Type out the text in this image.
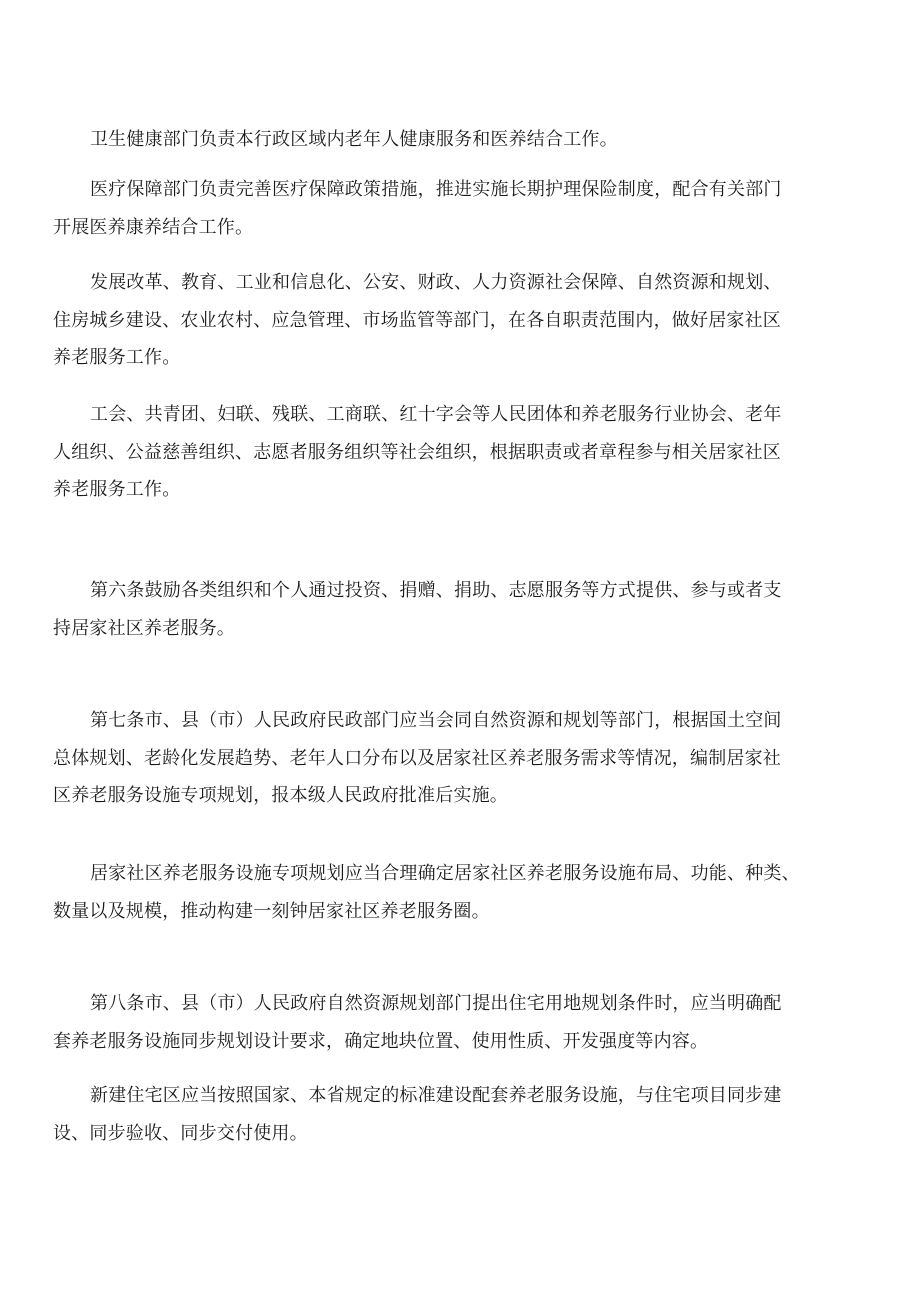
卫生健康部门负责本行政区域内老年人健康服务和医养结合工作。

医疗保障部门负责完善医疗保障政策措施，推进实施长期护理保险制度，配合有关部门
开展医养康养结合工作。

发展改革、教育、工业和信息化、公安、财政、人力资源社会保障、自然资源和规划、
住房城乡建设、农业农村、应急管理、市场监管等部门，在各自职责范围内，做好居家社区
养老服务工作。

工会、共青团、妇联、残联、工商联、红十字会等人民团体和养老服务行业协会、老年
人组织、公益慈善组织、志愿者服务组织等社会组织，根据职责或者章程参与相关居家社区
养老服务工作。

第六条鼓励各类组织和个人通过投资、捐赠、捐助、志愿服务等方式提供、参与或者支
持居家社区养老服务。

第七条市、县（市）人民政府民政部门应当会同自然资源和规划等部门，根据国土空间
总体规划、老龄化发展趋势、老年人口分布以及居家社区养老服务需求等情况，编制居家社
区养老服务设施专项规划，报本级人民政府批准后实施。

居家社区养老服务设施专项规划应当合理确定居家社区养老服务设施布局、功能、种类、
数量以及规模，推动构建一刻钟居家社区养老服务圈。

第八条市、县（市）人民政府自然资源规划部门提出住宅用地规划条件时，应当明确配
套养老服务设施同步规划设计要求，确定地块位置、使用性质、开发强度等内容。

新建住宅区应当按照国家、本省规定的标准建设配套养老服务设施，与住宅项目同步建
设、同步验收、同步交付使用。
